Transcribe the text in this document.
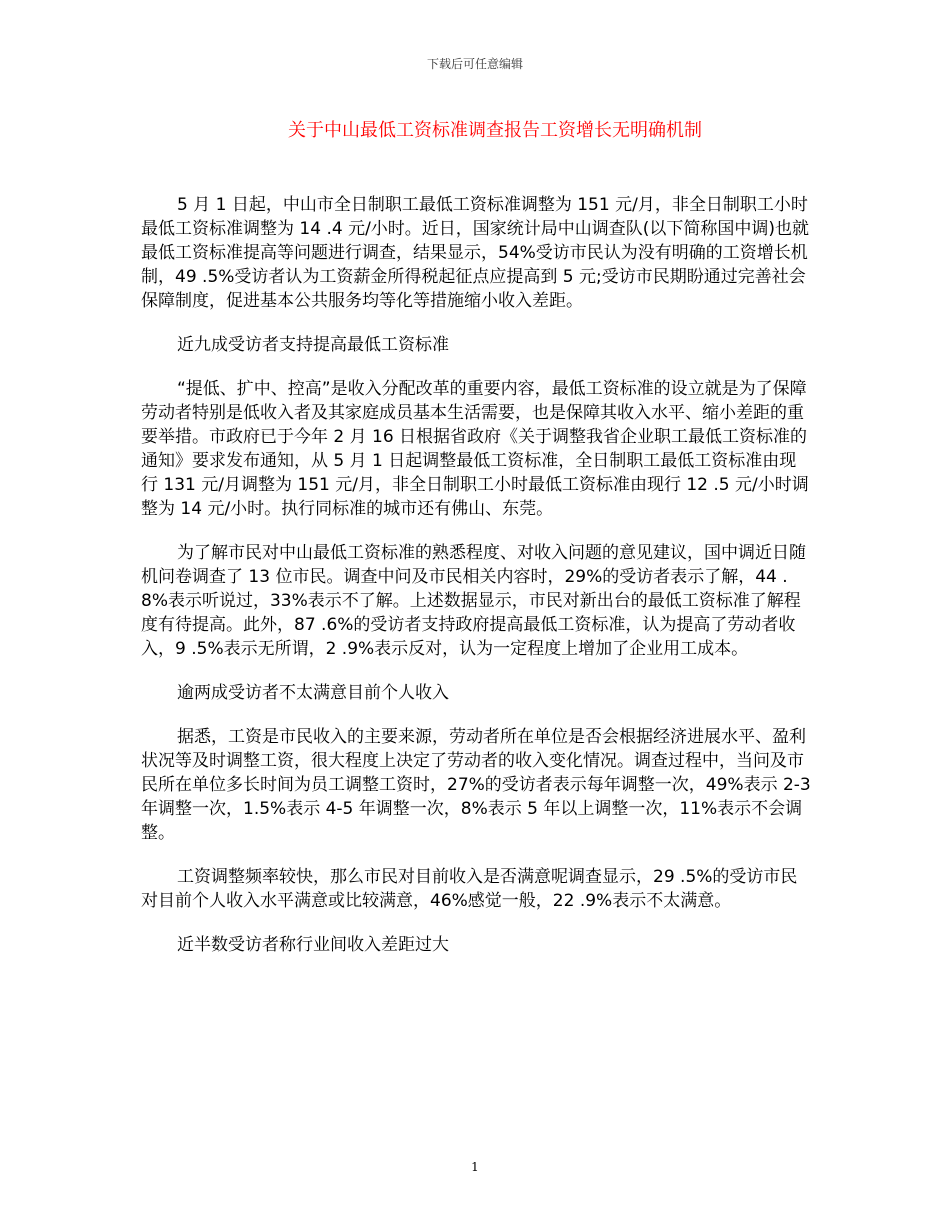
下载后可任意编辑
关于中山最低工资标准调查报告工资增长无明确机制

5 月 1 日起，中山市全日制职工最低工资标准调整为 151 元/月，非全日制职工小时最低工资标准调整为 14 .4 元/小时。近日，国家统计局中山调查队(以下简称国中调)也就最低工资标准提高等问题进行调查，结果显示，54%受访市民认为没有明确的工资增长机制，49 .5%受访者认为工资薪金所得税起征点应提高到 5 元;受访市民期盼通过完善社会保障制度，促进基本公共服务均等化等措施缩小收入差距。

近九成受访者支持提高最低工资标准

“提低、扩中、控高”是收入分配改革的重要内容，最低工资标准的设立就是为了保障劳动者特别是低收入者及其家庭成员基本生活需要，也是保障其收入水平、缩小差距的重要举措。市政府已于今年 2 月 16 日根据省政府《关于调整我省企业职工最低工资标准的通知》要求发布通知，从 5 月 1 日起调整最低工资标准，全日制职工最低工资标准由现行 131 元/月调整为 151 元/月，非全日制职工小时最低工资标准由现行 12 .5 元/小时调整为 14 元/小时。执行同标准的城市还有佛山、东莞。

为了解市民对中山最低工资标准的熟悉程度、对收入问题的意见建议，国中调近日随机问卷调查了 13 位市民。调查中问及市民相关内容时，29%的受访者表示了解，44 .8%表示听说过，33%表示不了解。上述数据显示，市民对新出台的最低工资标准了解程度有待提高。此外，87 .6%的受访者支持政府提高最低工资标准，认为提高了劳动者收入，9 .5%表示无所谓，2 .9%表示反对，认为一定程度上增加了企业用工成本。

逾两成受访者不太满意目前个人收入

据悉，工资是市民收入的主要来源，劳动者所在单位是否会根据经济进展水平、盈利状况等及时调整工资，很大程度上决定了劳动者的收入变化情况。调查过程中，当问及市民所在单位多长时间为员工调整工资时，27%的受访者表示每年调整一次，49%表示 2-3 年调整一次，1.5%表示 4-5 年调整一次，8%表示 5 年以上调整一次，11%表示不会调整。

工资调整频率较快，那么市民对目前收入是否满意呢调查显示，29 .5%的受访市民对目前个人收入水平满意或比较满意，46%感觉一般，22 .9%表示不太满意。

近半数受访者称行业间收入差距过大

1
